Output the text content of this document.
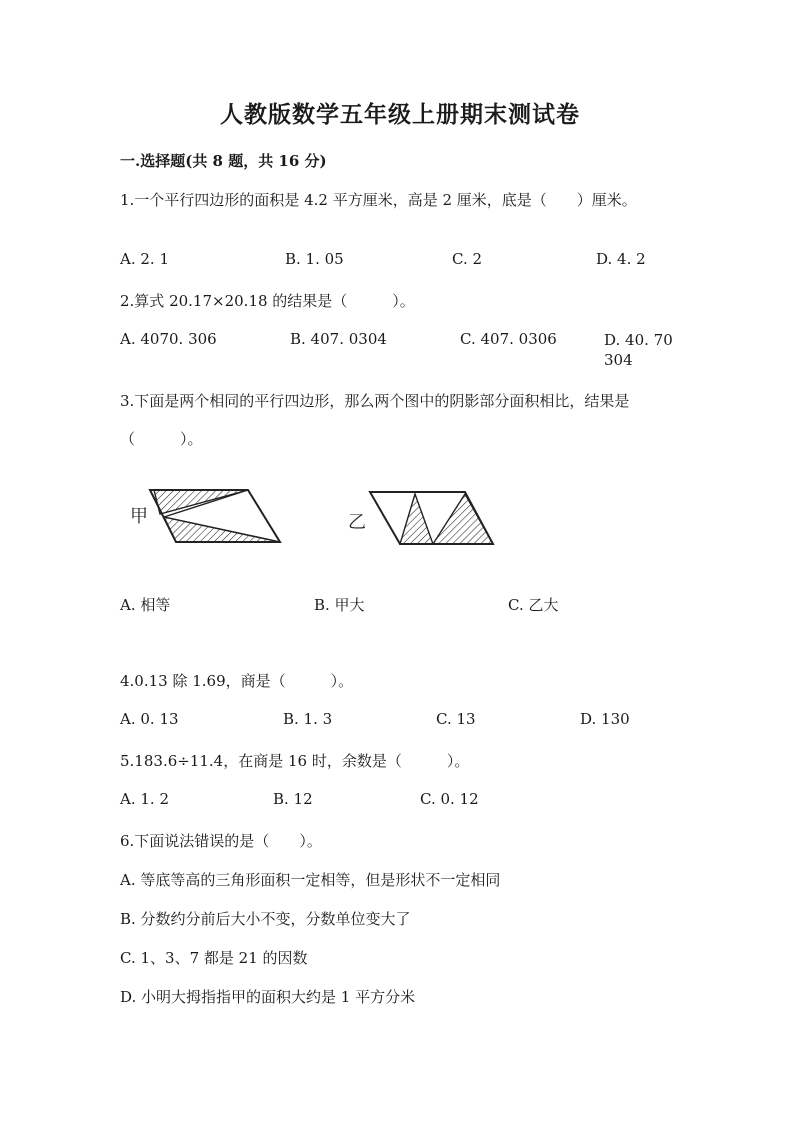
人教版数学五年级上册期末测试卷
一.选择题(共 8 题，共 16 分)
1.一个平行四边形的面积是 4.2 平方厘米，高是 2 厘米，底是（　　）厘米。
A. 2. 1	B. 1. 05	C. 2	D. 4. 2
2.算式 20.17×20.18 的结果是（　　　）。
A. 4070. 306	B. 407. 0304	C. 407. 0306	D. 40. 70304
3.下面是两个相同的平行四边形，那么两个图中的阴影部分面积相比，结果是
（　　　）。
甲	乙
A. 相等	B. 甲大	C. 乙大
4.0.13 除 1.69，商是（　　　）。
A. 0. 13	B. 1. 3	C. 13	D. 130
5.183.6÷11.4，在商是 16 时，余数是（　　　）。
A. 1. 2	B. 12	C. 0. 12
6.下面说法错误的是（　　）。
A. 等底等高的三角形面积一定相等，但是形状不一定相同
B. 分数约分前后大小不变，分数单位变大了
C. 1、3、7 都是 21 的因数
D. 小明大拇指指甲的面积大约是 1 平方分米
